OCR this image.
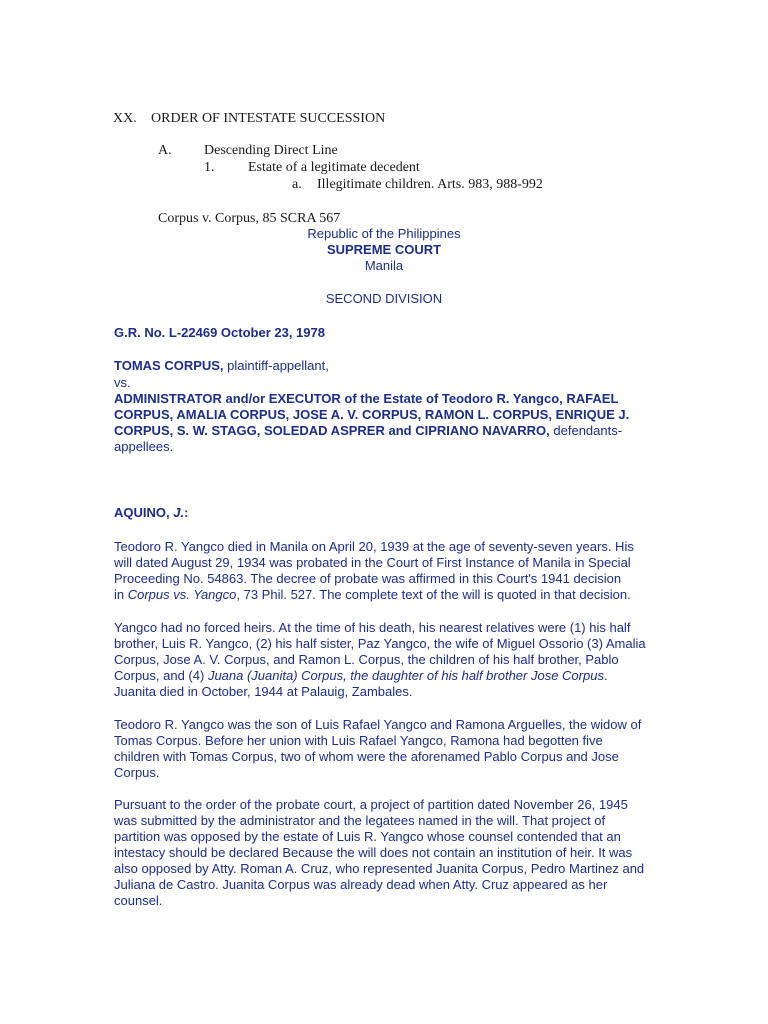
XX. ORDER OF INTESTATE SUCCESSION
A. Descending Direct Line
1. Estate of a legitimate decedent
a. Illegitimate children. Arts. 983, 988-992
Corpus v. Corpus, 85 SCRA 567
Republic of the Philippines
SUPREME COURT
Manila
SECOND DIVISION
G.R. No. L-22469 October 23, 1978
TOMAS CORPUS, plaintiff-appellant,
vs.
ADMINISTRATOR and/or EXECUTOR of the Estate of Teodoro R. Yangco, RAFAEL
CORPUS, AMALIA CORPUS, JOSE A. V. CORPUS, RAMON L. CORPUS, ENRIQUE J.
CORPUS, S. W. STAGG, SOLEDAD ASPRER and CIPRIANO NAVARRO, defendants-
appellees.
AQUINO, J.:
Teodoro R. Yangco died in Manila on April 20, 1939 at the age of seventy-seven years. His
will dated August 29, 1934 was probated in the Court of First Instance of Manila in Special
Proceeding No. 54863. The decree of probate was affirmed in this Court's 1941 decision
in Corpus vs. Yangco, 73 Phil. 527. The complete text of the will is quoted in that decision.
Yangco had no forced heirs. At the time of his death, his nearest relatives were (1) his half
brother, Luis R. Yangco, (2) his half sister, Paz Yangco, the wife of Miguel Ossorio (3) Amalia
Corpus, Jose A. V. Corpus, and Ramon L. Corpus, the children of his half brother, Pablo
Corpus, and (4) Juana (Juanita) Corpus, the daughter of his half brother Jose Corpus.
Juanita died in October, 1944 at Palauig, Zambales.
Teodoro R. Yangco was the son of Luis Rafael Yangco and Ramona Arguelles, the widow of
Tomas Corpus. Before her union with Luis Rafael Yangco, Ramona had begotten five
children with Tomas Corpus, two of whom were the aforenamed Pablo Corpus and Jose
Corpus.
Pursuant to the order of the probate court, a project of partition dated November 26, 1945
was submitted by the administrator and the legatees named in the will. That project of
partition was opposed by the estate of Luis R. Yangco whose counsel contended that an
intestacy should be declared Because the will does not contain an institution of heir. It was
also opposed by Atty. Roman A. Cruz, who represented Juanita Corpus, Pedro Martinez and
Juliana de Castro. Juanita Corpus was already dead when Atty. Cruz appeared as her
counsel.
